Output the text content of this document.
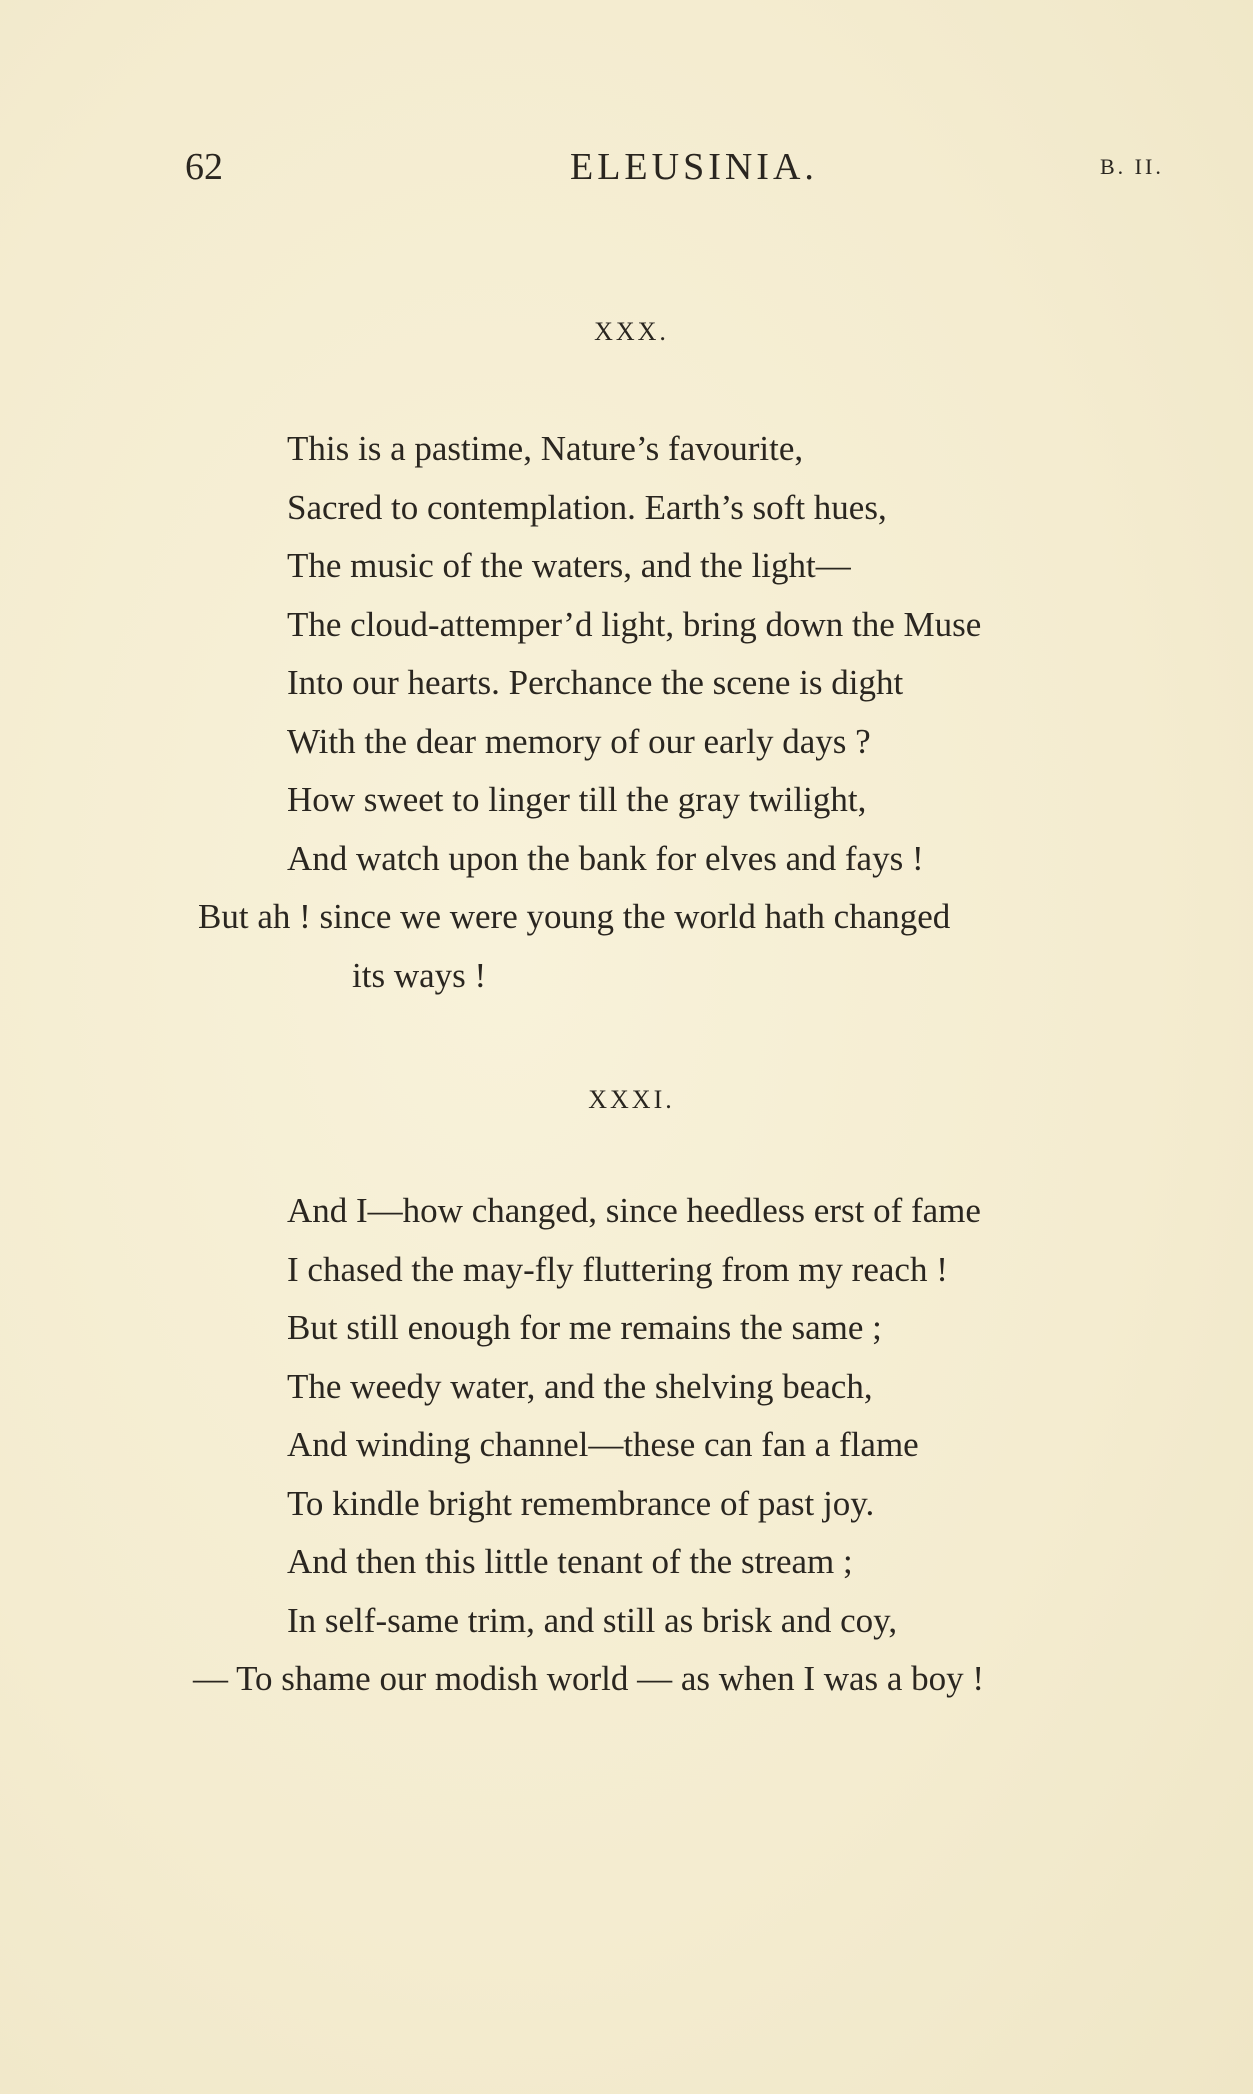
62	ELEUSINIA.	B. II.
XXX.
This is a pastime, Nature’s favourite,
Sacred to contemplation. Earth’s soft hues,
The music of the waters, and the light—
The cloud-attemper’d light, bring down the Muse
Into our hearts. Perchance the scene is dight
With the dear memory of our early days ?
How sweet to linger till the gray twilight,
And watch upon the bank for elves and fays !
But ah ! since we were young the world hath changed
its ways !
XXXI.
And I—how changed, since heedless erst of fame
I chased the may-fly fluttering from my reach !
But still enough for me remains the same ;
The weedy water, and the shelving beach,
And winding channel—these can fan a flame
To kindle bright remembrance of past joy.
And then this little tenant of the stream ;
In self-same trim, and still as brisk and coy,
— To shame our modish world — as when I was a boy !
